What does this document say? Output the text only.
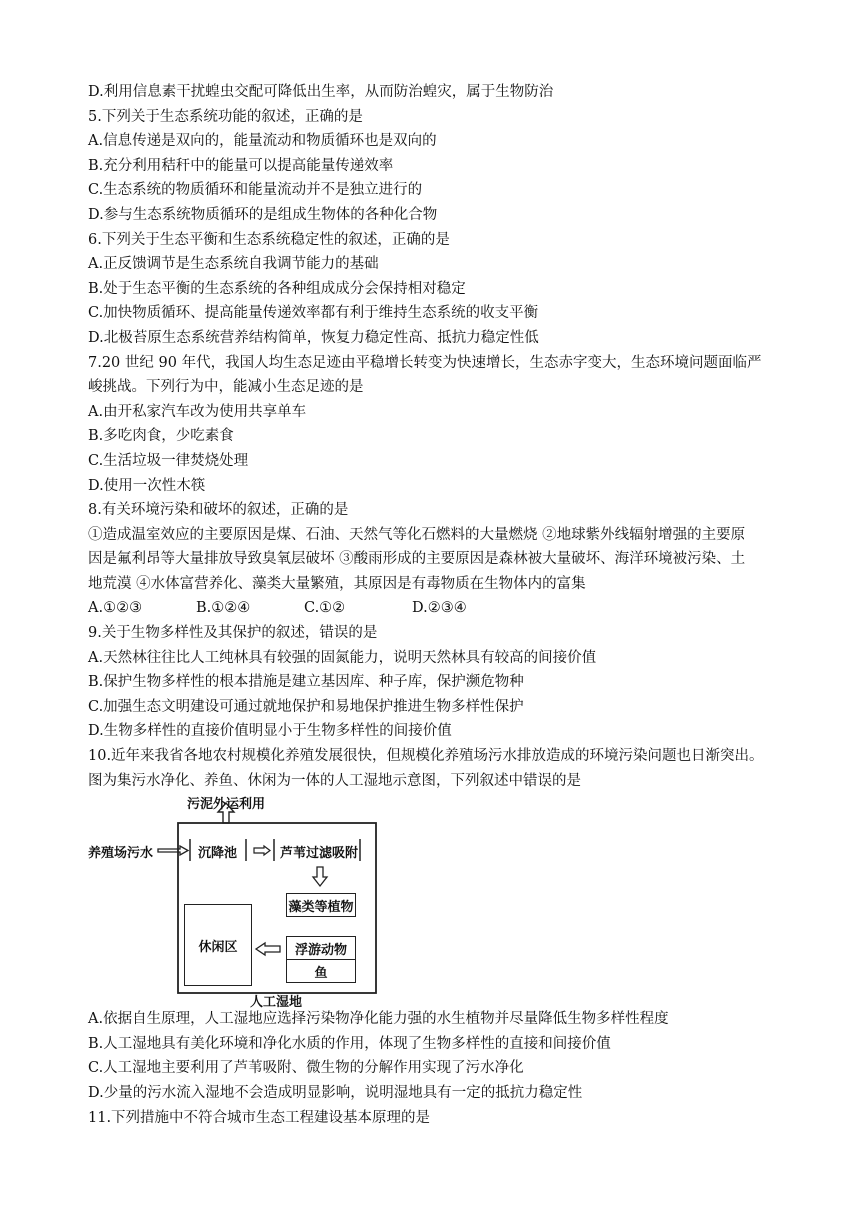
D.利用信息素干扰蝗虫交配可降低出生率，从而防治蝗灾，属于生物防治
5.下列关于生态系统功能的叙述，正确的是
A.信息传递是双向的，能量流动和物质循环也是双向的
B.充分利用秸秆中的能量可以提高能量传递效率
C.生态系统的物质循环和能量流动并不是独立进行的
D.参与生态系统物质循环的是组成生物体的各种化合物
6.下列关于生态平衡和生态系统稳定性的叙述，正确的是
A.正反馈调节是生态系统自我调节能力的基础
B.处于生态平衡的生态系统的各种组成成分会保持相对稳定
C.加快物质循环、提高能量传递效率都有利于维持生态系统的收支平衡
D.北极苔原生态系统营养结构简单，恢复力稳定性高、抵抗力稳定性低
7.20 世纪 90 年代，我国人均生态足迹由平稳增长转变为快速增长，生态赤字变大，生态环境问题面临严
峻挑战。下列行为中，能减小生态足迹的是
A.由开私家汽车改为使用共享单车
B.多吃肉食，少吃素食
C.生活垃圾一律焚烧处理
D.使用一次性木筷
8.有关环境污染和破坏的叙述，正确的是
①造成温室效应的主要原因是煤、石油、天然气等化石燃料的大量燃烧 ②地球紫外线辐射增强的主要原
因是氟利昂等大量排放导致臭氧层破坏 ③酸雨形成的主要原因是森林被大量破坏、海洋环境被污染、土
地荒漠 ④水体富营养化、藻类大量繁殖，其原因是有毒物质在生物体内的富集
A.①②③	B.①②④	C.①②	D.②③④
9.关于生物多样性及其保护的叙述，错误的是
A.天然林往往比人工纯林具有较强的固氮能力，说明天然林具有较高的间接价值
B.保护生物多样性的根本措施是建立基因库、种子库，保护濒危物种
C.加强生态文明建设可通过就地保护和易地保护推进生物多样性保护
D.生物多样性的直接价值明显小于生物多样性的间接价值
10.近年来我省各地农村规模化养殖发展很快，但规模化养殖场污水排放造成的环境污染问题也日渐突出。
图为集污水净化、养鱼、休闲为一体的人工湿地示意图，下列叙述中错误的是
污泥外运利用
养殖场污水	沉降池	芦苇过滤吸附
藻类等植物
浮游动物
鱼
休闲区
人工湿地
A.依据自生原理，人工湿地应选择污染物净化能力强的水生植物并尽量降低生物多样性程度
B.人工湿地具有美化环境和净化水质的作用，体现了生物多样性的直接和间接价值
C.人工湿地主要利用了芦苇吸附、微生物的分解作用实现了污水净化
D.少量的污水流入湿地不会造成明显影响，说明湿地具有一定的抵抗力稳定性
11.下列措施中不符合城市生态工程建设基本原理的是
